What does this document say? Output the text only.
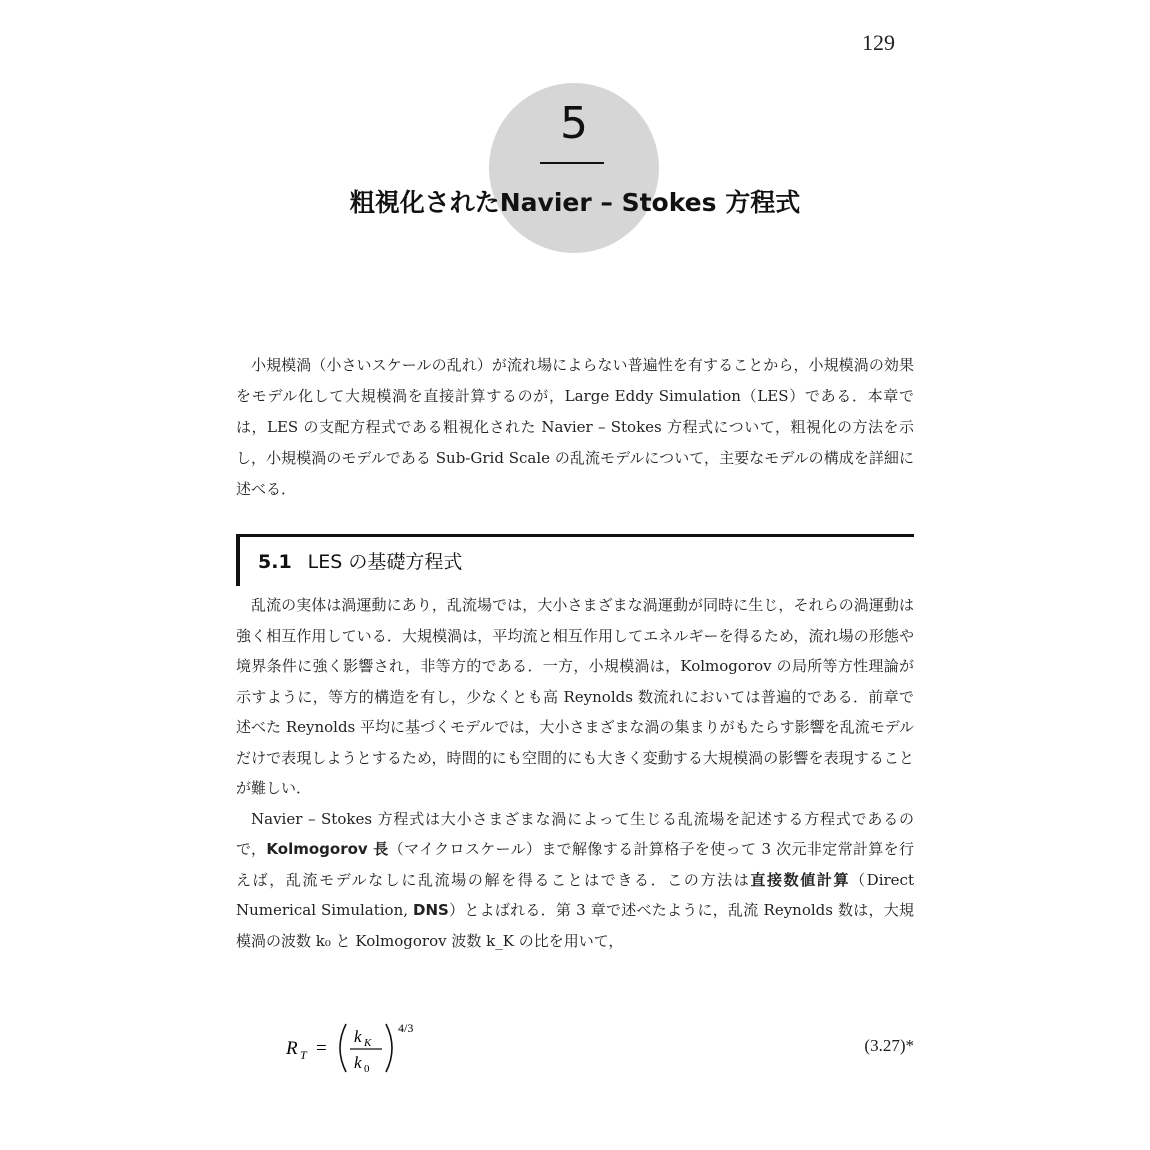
129
5
粗視化されたNavier – Stokes 方程式

小規模渦（小さいスケールの乱れ）が流れ場によらない普遍性を有することから，小規模渦の効果をモデル化して大規模渦を直接計算するのが，Large Eddy Simulation（LES）である．本章では，LES の支配方程式である粗視化された Navier – Stokes 方程式について，粗視化の方法を示し，小規模渦のモデルである Sub-Grid Scale の乱流モデルについて，主要なモデルの構成を詳細に述べる．

5.1 LES の基礎方程式

乱流の実体は渦運動にあり，乱流場では，大小さまざまな渦運動が同時に生じ，それらの渦運動は強く相互作用している．大規模渦は，平均流と相互作用してエネルギーを得るため，流れ場の形態や境界条件に強く影響され，非等方的である．一方，小規模渦は，Kolmogorov の局所等方性理論が示すように，等方的構造を有し，少なくとも高 Reynolds 数流れにおいては普遍的である．前章で述べた Reynolds 平均に基づくモデルでは，大小さまざまな渦の集まりがもたらす影響を乱流モデルだけで表現しようとするため，時間的にも空間的にも大きく変動する大規模渦の影響を表現することが難しい．

Navier – Stokes 方程式は大小さまざまな渦によって生じる乱流場を記述する方程式であるので，Kolmogorov 長（マイクロスケール）まで解像する計算格子を使って 3 次元非定常計算を行えば，乱流モデルなしに乱流場の解を得ることはできる．この方法は直接数値計算（Direct Numerical Simulation, DNS）とよばれる．第 3 章で述べたように，乱流 Reynolds 数は，大規模渦の波数 k₀ と Kolmogorov 波数 k_K の比を用いて，

R T =
k K
k 0
4/3
(3.27)*
